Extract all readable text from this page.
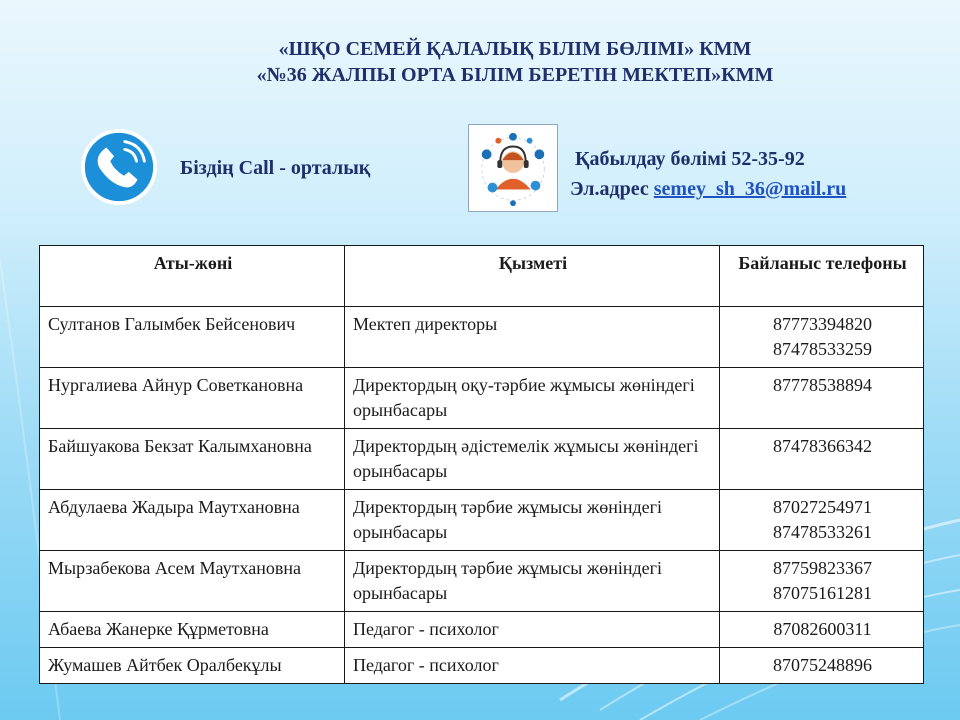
«ШҚО СЕМЕЙ ҚАЛАЛЫҚ БІЛІМ БӨЛІМІ» КММ
«№36 ЖАЛПЫ ОРТА БІЛІМ БЕРЕТІН МЕКТЕП»КММ
Біздің Call - орталық	Қабылдау бөлімі 52-35-92
Эл.адрес semey_sh_36@mail.ru
Аты-жөні	Қызметі	Байланыс телефоны
Султанов Галымбек Бейсенович	Мектеп директоры	87773394820
87478533259

Нургалиева Айнур Советкановна	Директордың оқу-тәрбие жұмысы жөніндегі орынбасары	87778538894

Байшуакова Бекзат Калымхановна	Директордың әдістемелік жұмысы жөніндегі орынбасары	87478366342

Абдулаева Жадыра Маутхановна	Директордың тәрбие жұмысы жөніндегі орынбасары	87027254971
87478533261

Мырзабекова Асем Маутхановна	Директордың тәрбие жұмысы жөніндегі орынбасары	87759823367
87075161281

Абаева Жанерке Құрметовна	Педагог - психолог	87082600311

Жумашев Айтбек Оралбекұлы	Педагог - психолог	87075248896
